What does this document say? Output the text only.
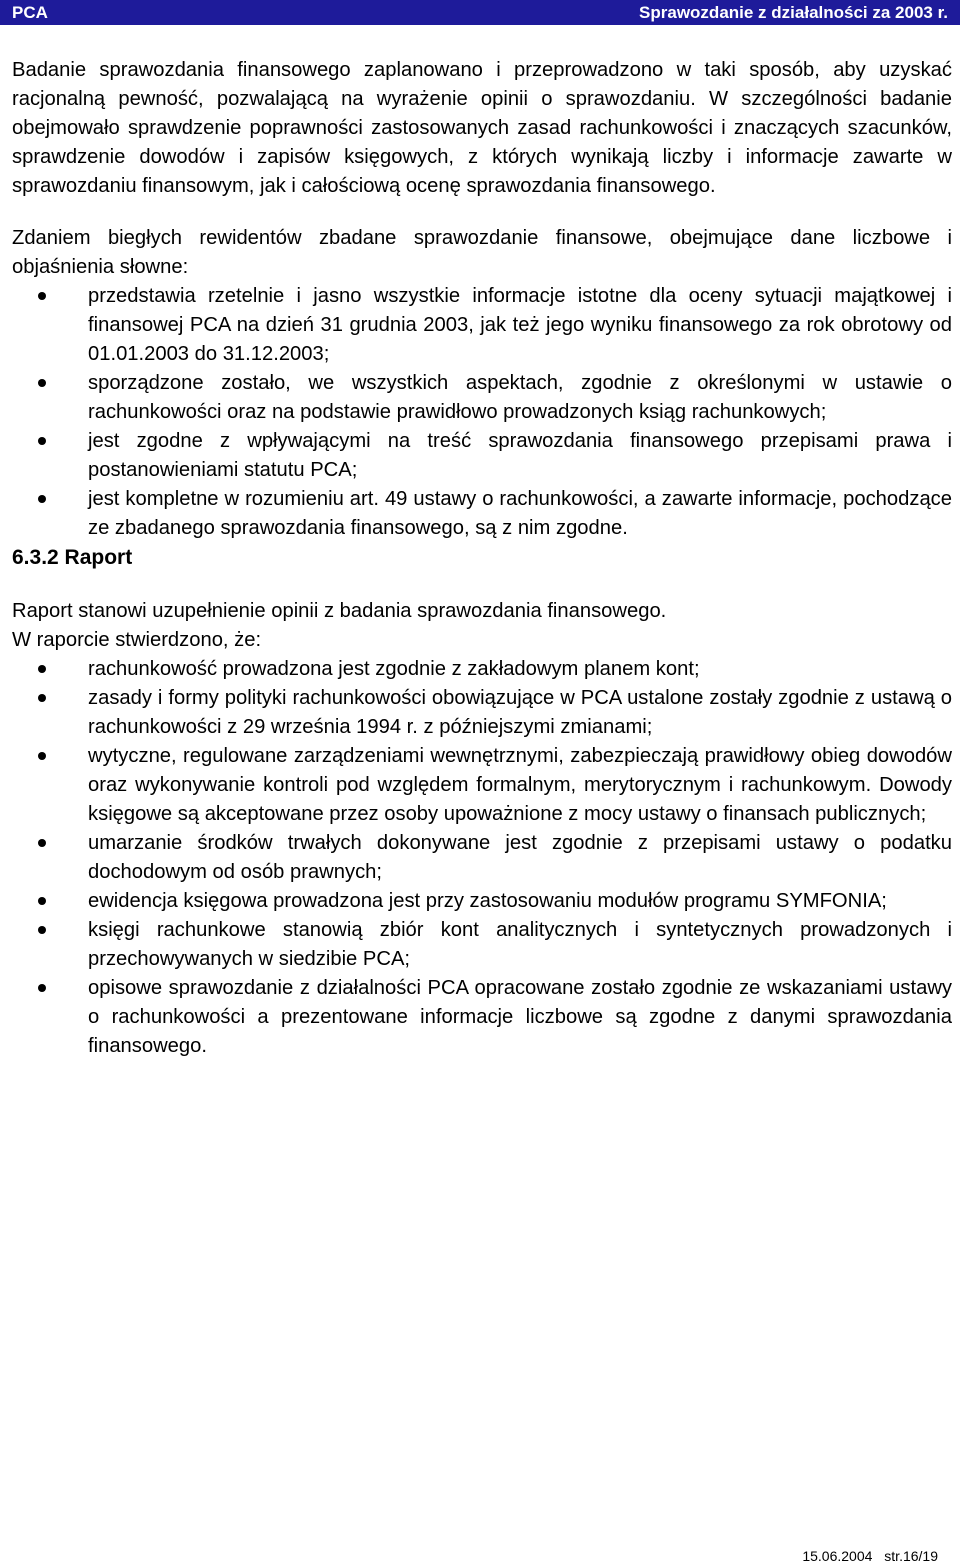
PCA	Sprawozdanie z działalności za 2003 r.

Badanie sprawozdania finansowego zaplanowano i przeprowadzono w taki sposób, aby uzyskać racjonalną pewność, pozwalającą na wyrażenie opinii o sprawozdaniu. W szczególności badanie obejmowało sprawdzenie poprawności zastosowanych zasad rachunkowości i znaczących szacunków, sprawdzenie dowodów i zapisów księgowych, z których wynikają liczby i informacje zawarte w sprawozdaniu finansowym, jak i całościową ocenę sprawozdania finansowego.

Zdaniem biegłych rewidentów zbadane sprawozdanie finansowe, obejmujące dane liczbowe i objaśnienia słowne:

przedstawia rzetelnie i jasno wszystkie informacje istotne dla oceny sytuacji majątkowej i finansowej PCA na dzień 31 grudnia 2003, jak też jego wyniku finansowego za rok obrotowy od 01.01.2003 do 31.12.2003;
sporządzone zostało, we wszystkich aspektach, zgodnie z określonymi w ustawie o rachunkowości oraz na podstawie prawidłowo prowadzonych ksiąg rachunkowych;
jest zgodne z wpływającymi na treść sprawozdania finansowego przepisami prawa i postanowieniami statutu PCA;
jest kompletne w rozumieniu art. 49 ustawy o rachunkowości, a zawarte informacje, pochodzące ze zbadanego sprawozdania finansowego, są z nim zgodne.
6.3.2 Raport

Raport stanowi uzupełnienie opinii z badania sprawozdania finansowego.

W raporcie stwierdzono, że:

rachunkowość prowadzona jest zgodnie z zakładowym planem kont;
zasady i formy polityki rachunkowości obowiązujące w PCA ustalone zostały zgodnie z ustawą o rachunkowości z 29 września 1994 r. z późniejszymi zmianami;
wytyczne, regulowane zarządzeniami wewnętrznymi, zabezpieczają prawidłowy obieg dowodów oraz wykonywanie kontroli pod względem formalnym, merytorycznym i rachunkowym. Dowody księgowe są akceptowane przez osoby upoważnione z mocy ustawy o finansach publicznych;
umarzanie środków trwałych dokonywane jest zgodnie z przepisami ustawy o podatku dochodowym od osób prawnych;
ewidencja księgowa prowadzona jest przy zastosowaniu modułów programu SYMFONIA;
księgi rachunkowe stanowią zbiór kont analitycznych i syntetycznych prowadzonych i przechowywanych w siedzibie PCA;
opisowe sprawozdanie z działalności PCA opracowane zostało zgodnie ze wskazaniami ustawy o rachunkowości a prezentowane informacje liczbowe są zgodne z danymi sprawozdania finansowego.
15.06.2004 str.16/19
